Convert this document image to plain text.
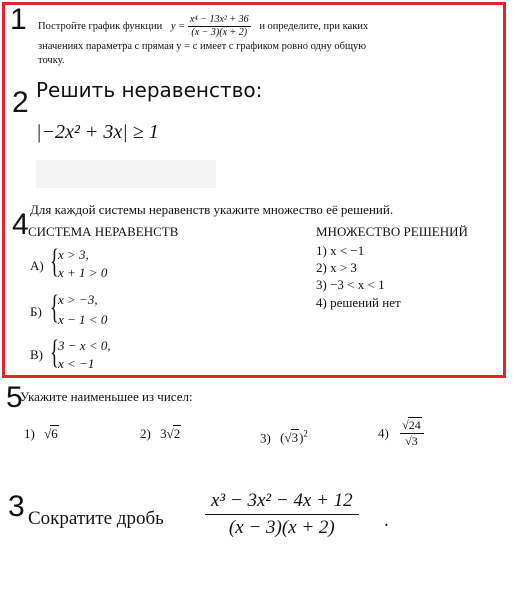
1 Постройте график функции $y = \frac{\text{x⁴ − 13x² + 36}}{(x - 3)(x + 2)}$ и определите, при каких
значениях параметра c прямая y = c имеет с графиком ровно одну общую
точку.
2 Решить неравенство:
|−2x² + 3x| ≥ 1
4 Для каждой системы неравенств укажите множество её решений.
СИСТЕМА НЕРАВЕНСТВ	МНОЖЕСТВО РЕШЕНИЙ
А) { x > 3,
x + 1 > 0
Б) { x > −3,
x − 1 < 0
В) { 3 − x < 0,
x < −1
1) x < −1
2) x > 3
3) −3 < x < 1
4) решений нет
5
Укажите наименьшее из чисел:
1) √6	2) 3√2	3) $(√3)^2$	$4) \frac{√24}{√3}$
3 Сократите дробь $\frac{\text{x³ − 3x² − 4x + 12}}{(x - 3)(x + 2)}$ .
